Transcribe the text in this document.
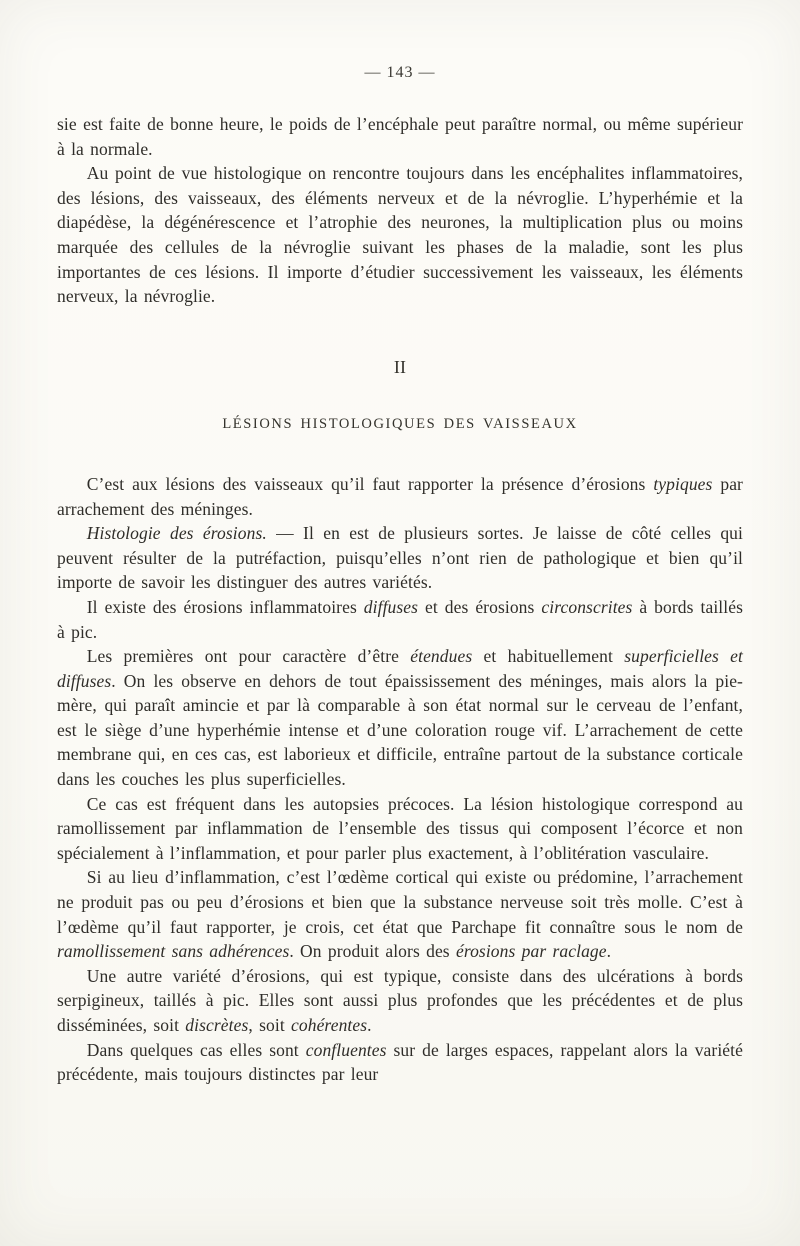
— 143 —

sie est faite de bonne heure, le poids de l’encéphale peut paraître normal, ou même supérieur à la normale.

Au point de vue histologique on rencontre toujours dans les encéphalites inflammatoires, des lésions, des vaisseaux, des éléments nerveux et de la névroglie. L’hyperhémie et la diapédèse, la dégénérescence et l’atrophie des neurones, la multiplication plus ou moins marquée des cellules de la névroglie suivant les phases de la maladie, sont les plus importantes de ces lésions. Il importe d’étudier successivement les vaisseaux, les éléments nerveux, la névroglie.

II
LÉSIONS HISTOLOGIQUES DES VAISSEAUX

C’est aux lésions des vaisseaux qu’il faut rapporter la présence d’érosions typiques par arrachement des méninges.

Histologie des érosions. — Il en est de plusieurs sortes. Je laisse de côté celles qui peuvent résulter de la putréfaction, puisqu’elles n’ont rien de pathologique et bien qu’il importe de savoir les distinguer des autres variétés.

Il existe des érosions inflammatoires diffuses et des érosions circonscrites à bords taillés à pic.

Les premières ont pour caractère d’être étendues et habituellement superficielles et diffuses. On les observe en dehors de tout épaississement des méninges, mais alors la pie-mère, qui paraît amincie et par là comparable à son état normal sur le cerveau de l’enfant, est le siège d’une hyperhémie intense et d’une coloration rouge vif. L’arrachement de cette membrane qui, en ces cas, est laborieux et difficile, entraîne partout de la substance corticale dans les couches les plus superficielles.

Ce cas est fréquent dans les autopsies précoces. La lésion histologique correspond au ramollissement par inflammation de l’ensemble des tissus qui composent l’écorce et non spécialement à l’inflammation, et pour parler plus exactement, à l’oblitération vasculaire.

Si au lieu d’inflammation, c’est l’œdème cortical qui existe ou prédomine, l’arrachement ne produit pas ou peu d’érosions et bien que la substance nerveuse soit très molle. C’est à l’œdème qu’il faut rapporter, je crois, cet état que Parchape fit connaître sous le nom de ramollissement sans adhérences. On produit alors des érosions par raclage.

Une autre variété d’érosions, qui est typique, consiste dans des ulcérations à bords serpigineux, taillés à pic. Elles sont aussi plus profondes que les précédentes et de plus disséminées, soit discrètes, soit cohérentes.

Dans quelques cas elles sont confluentes sur de larges espaces, rappelant alors la variété précédente, mais toujours distinctes par leur
